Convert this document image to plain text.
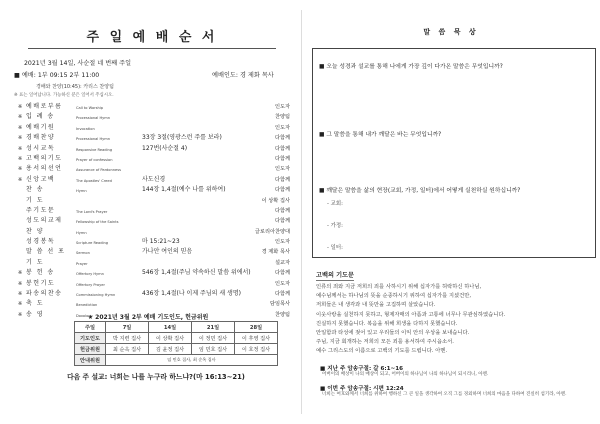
주 일 예 배 순 서
2021년 3월 14일, 사순절 네 번째 주일
■ 예배: 1부 09:15 2부 11:00	예배인도: 경 제화 목사
경배와 찬양(10:45): 카리스 찬양팀
※ 표는 일어납니다. 가능하신 분은 일어서 주십시오.
※ 예배로부름	Call to Worship	인도자
※ 입 례 송	Processional Hymn	찬양팀
※ 예배기원	Invocation	인도자
※ 경배찬양	Processional Hymn	33장 3절(영광스런 주를 보라)	다함께
※ 성시교독	Responsive Reading	127번(사순절 4)	다함께
※ 고백의기도	Prayer of confession	다함께
※ 용서의선언	Assurance of Pardonness	인도자
※ 신앙고백	The Apostles' Creed	사도신경	다함께
찬 송	Hymn	144장 1,4절(예수 나를 위하여)	다함께
기 도	이 상확 집사
주기도문	The Lord's Prayer	다함께
성도의교제	Fellowship of the Saints	다함께
찬 양	Hymn	글로리아찬양대
성경봉독	Scripture Reading	마 15:21~23	인도자
말 씀 선 포	Sermon	가나안 여인의 믿음	경 제화 목사
기 도	Prayer	설교자
※ 봉 헌 송	Offertory Hymn	546장 1,4절(주님 약속하신 말씀 위에서)	다함께
※ 봉헌기도	Offertory Prayer	인도자
※ 파송의찬송	Commissioning Hymn	436장 1,4절(나 이제 주님의 새 생명)	다함께
※ 축 도	Benediction	담임목사
※ 송 영	Doxology	찬양팀
★ 2021년 3월 2부 예배 기도인도, 헌금위원
주일	7일	14일	21일	28일
기도인도	박 지련 집사	이 상확 집사	이 정민 집사	이 후영 집사
헌금위원	최 순옥 집사	김 윤정 집사	임 민호 집사	이 호정 집사
안내위원	임 민호 집사, 최 순옥 집사			
다음 주 설교: 너희는 나를 누구라 하느냐?(마 16:13~21)
말 씀 묵 상
■ 오늘 성경과 설교를 통해 나에게 가장 깊이 다가온 말씀은 무엇입니까?
■ 그 말씀을 통해 내가 깨달은 바는 무엇입니까?
■ 깨달은 말씀을 삶의 현장(교회, 가정, 일터)에서 어떻게 실천하실 원하십니까?
- 교회:
- 가정:
- 일터:
고백의 기도문

인류의 죄와 지금 저희의 죄를 사하시기 위해 십자가를 허락하신 하나님,
예수님께서는 하나님의 뜻을 순종하시기 위하여 십자가를 지셨건만,
저희들은 내 생각과 내 뜻만을 고집하며 살았습니다.
이웃사랑을 실천하지 못하고, 형제자매의 아픔과 고통에 너무나 무관심하였습니다.
진실하지 못했습니다. 복음을 위해 희생을 다하지 못했습니다.
안일함과 타성에 젖어 있고 우리들의 이익 안의 우상을 보내습니다.
주님, 지금 회개하는 저희의 모든 죄를 용서하여 주시옵소서.
예수 그리스도의 이름으로 고백의 기도를 드립니다. 아멘.

■ 지난 주 암송구절: 갈 6:1~16
어버이의 배상이 나의 매상이 되고, 어버이의 하나님이 나의 하나님이 되시리니, 아멘.
■ 이번 주 암송구절: 시편 12:24
너희는 여호와께서 너희를 위하여 행하신 그 큰 일을 생각하여 오직 그를 경외하며 너희의 마음을 다하여 진실히 섬기라, 아멘.
